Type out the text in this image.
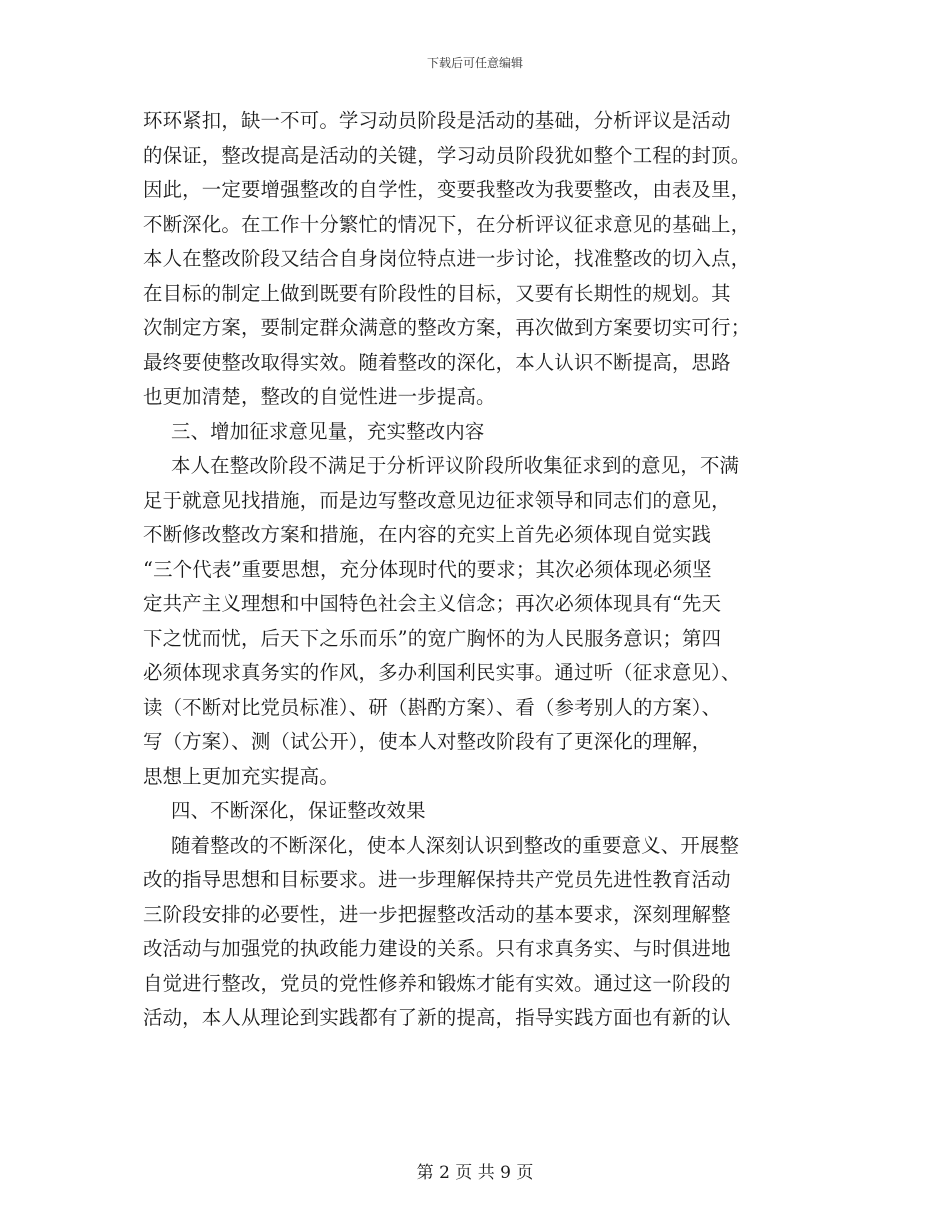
下载后可任意编辑
环环紧扣，缺一不可。学习动员阶段是活动的基础，分析评议是活动
的保证，整改提高是活动的关键，学习动员阶段犹如整个工程的封顶。
因此，一定要增强整改的自学性，变要我整改为我要整改，由表及里，
不断深化。在工作十分繁忙的情况下，在分析评议征求意见的基础上，
本人在整改阶段又结合自身岗位特点进一步讨论，找准整改的切入点，
在目标的制定上做到既要有阶段性的目标，又要有长期性的规划。其
次制定方案，要制定群众满意的整改方案，再次做到方案要切实可行；
最终要使整改取得实效。随着整改的深化，本人认识不断提高，思路
也更加清楚，整改的自觉性进一步提高。
三、增加征求意见量，充实整改内容
本人在整改阶段不满足于分析评议阶段所收集征求到的意见，不满
足于就意见找措施，而是边写整改意见边征求领导和同志们的意见，
不断修改整改方案和措施，在内容的充实上首先必须体现自觉实践
“三个代表”重要思想，充分体现时代的要求；其次必须体现必须坚
定共产主义理想和中国特色社会主义信念；再次必须体现具有“先天
下之忧而忧，后天下之乐而乐”的宽广胸怀的为人民服务意识；第四
必须体现求真务实的作风，多办利国利民实事。通过听（征求意见）、
读（不断对比党员标准）、研（斟酌方案）、看（参考别人的方案）、
写（方案）、测（试公开），使本人对整改阶段有了更深化的理解，
思想上更加充实提高。
四、不断深化，保证整改效果
随着整改的不断深化，使本人深刻认识到整改的重要意义、开展整
改的指导思想和目标要求。进一步理解保持共产党员先进性教育活动
三阶段安排的必要性，进一步把握整改活动的基本要求，深刻理解整
改活动与加强党的执政能力建设的关系。只有求真务实、与时俱进地
自觉进行整改，党员的党性修养和锻炼才能有实效。通过这一阶段的
活动，本人从理论到实践都有了新的提高，指导实践方面也有新的认
第 2 页 共 9 页
